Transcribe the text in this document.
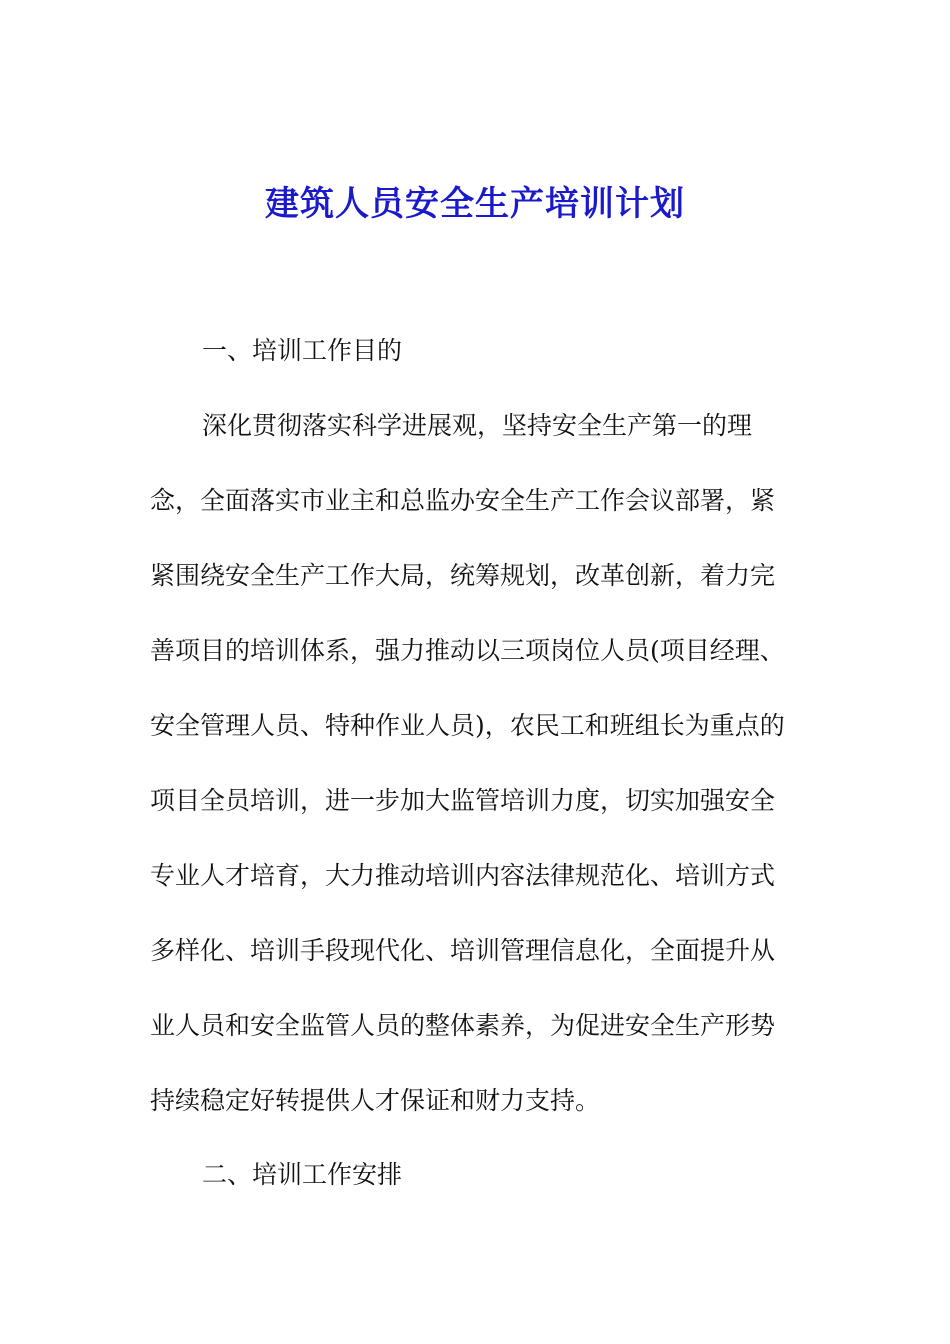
建筑人员安全生产培训计划
一、培训工作目的
深化贯彻落实科学进展观，坚持安全生产第一的理
念，全面落实市业主和总监办安全生产工作会议部署，紧
紧围绕安全生产工作大局，统筹规划，改革创新，着力完
善项目的培训体系，强力推动以三项岗位人员(项目经理、
安全管理人员、特种作业人员)，农民工和班组长为重点的
项目全员培训，进一步加大监管培训力度，切实加强安全
专业人才培育，大力推动培训内容法律规范化、培训方式
多样化、培训手段现代化、培训管理信息化，全面提升从
业人员和安全监管人员的整体素养，为促进安全生产形势
持续稳定好转提供人才保证和财力支持。
二、培训工作安排
